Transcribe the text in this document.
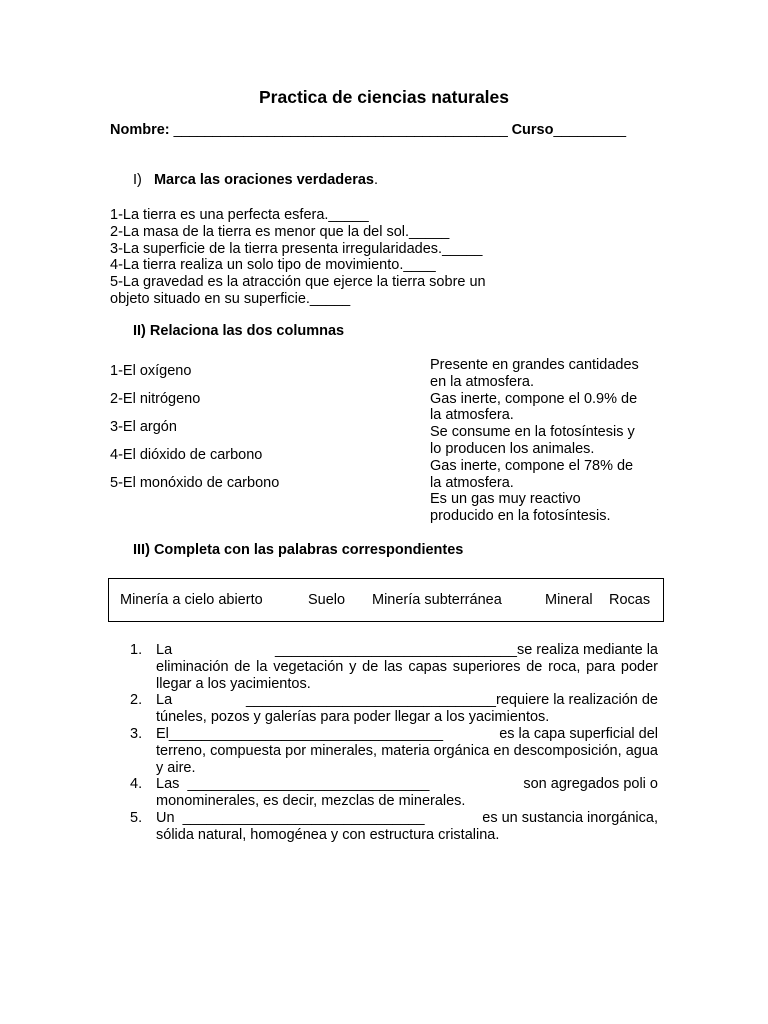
Practica de ciencias naturales
Nombre: ___________________________________________ Curso_________
I) Marca las oraciones verdaderas.
1-La tierra es una perfecta esfera._____
2-La masa de la tierra es menor que la del sol._____
3-La superficie de la tierra presenta irregularidades._____
4-La tierra realiza un solo tipo de movimiento.____
5-La gravedad es la atracción que ejerce la tierra sobre un
objeto situado en su superficie._____
II) Relaciona las dos columnas
1-El oxígeno
2-El nitrógeno
3-El argón
4-El dióxido de carbono
5-El monóxido de carbono
Presente en grandes cantidades
en la atmosfera.
Gas inerte, compone el 0.9% de
la atmosfera.
Se consume en la fotosíntesis y
lo producen los animales.
Gas inerte, compone el 78% de
la atmosfera.
Es un gas muy reactivo
producido en la fotosíntesis.
III) Completa con las palabras correspondientes
Minería a cielo abierto	Suelo Minería subterránea	Mineral Rocas
1. La	______________________________se realiza mediante la
eliminación de la vegetación y de las capas superiores de roca, para poder llegar a los yacimientos.
2. La	_______________________________requiere la realización de
túneles, pozos y galerías para poder llegar a los yacimientos.
3. El__________________________________	es la capa superficial del
terreno, compuesta por minerales, materia orgánica en descomposición, agua y aire.
4. Las ______________________________	son agregados poli o
monominerales, es decir, mezclas de minerales.
5. Un ______________________________	es un sustancia inorgánica,
sólida natural, homogénea y con estructura cristalina.
